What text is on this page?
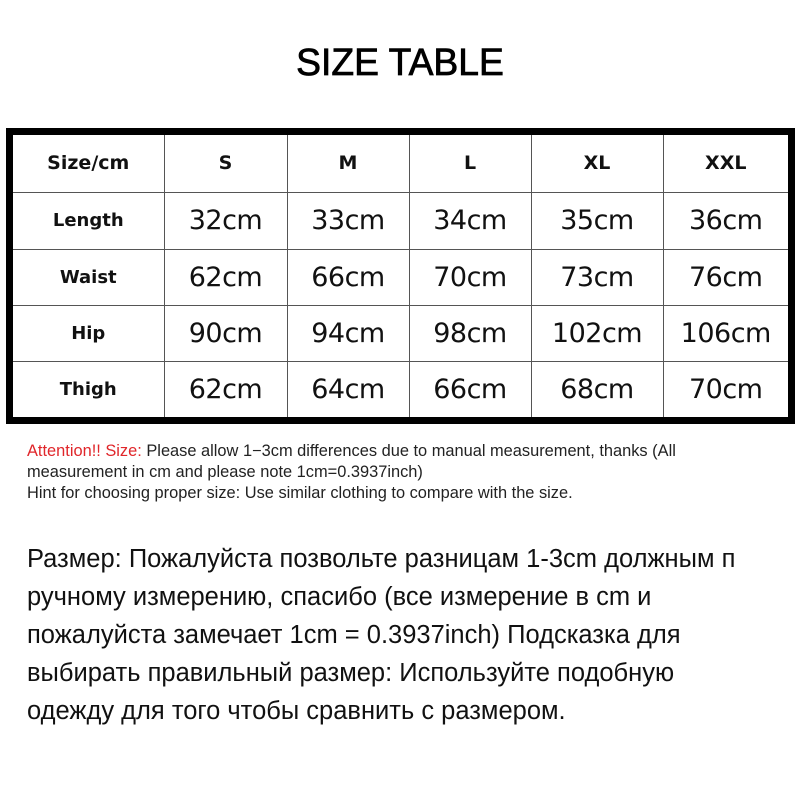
SIZE TABLE
Size/cm	S	M	L	XL	XXL
Length	32cm	33cm	34cm	35cm	36cm
Waist	62cm	66cm	70cm	73cm	76cm
Hip	90cm	94cm	98cm	102cm	106cm
Thigh	62cm	64cm	66cm	68cm	70cm
Attention!! Size: Please allow 1−3cm differences due to manual measurement, thanks (All
measurement in cm and please note 1cm=0.3937inch)
Hint for choosing proper size: Use similar clothing to compare with the size.
Размер: Пожалуйста позвольте разницам 1-3cm должным п
ручному измерению, спасибо (все измерение в cm и
пожалуйста замечает 1cm = 0.3937inch) Подсказка для
выбирать правильный размер: Используйте подобную
одежду для того чтобы сравнить с размером.
